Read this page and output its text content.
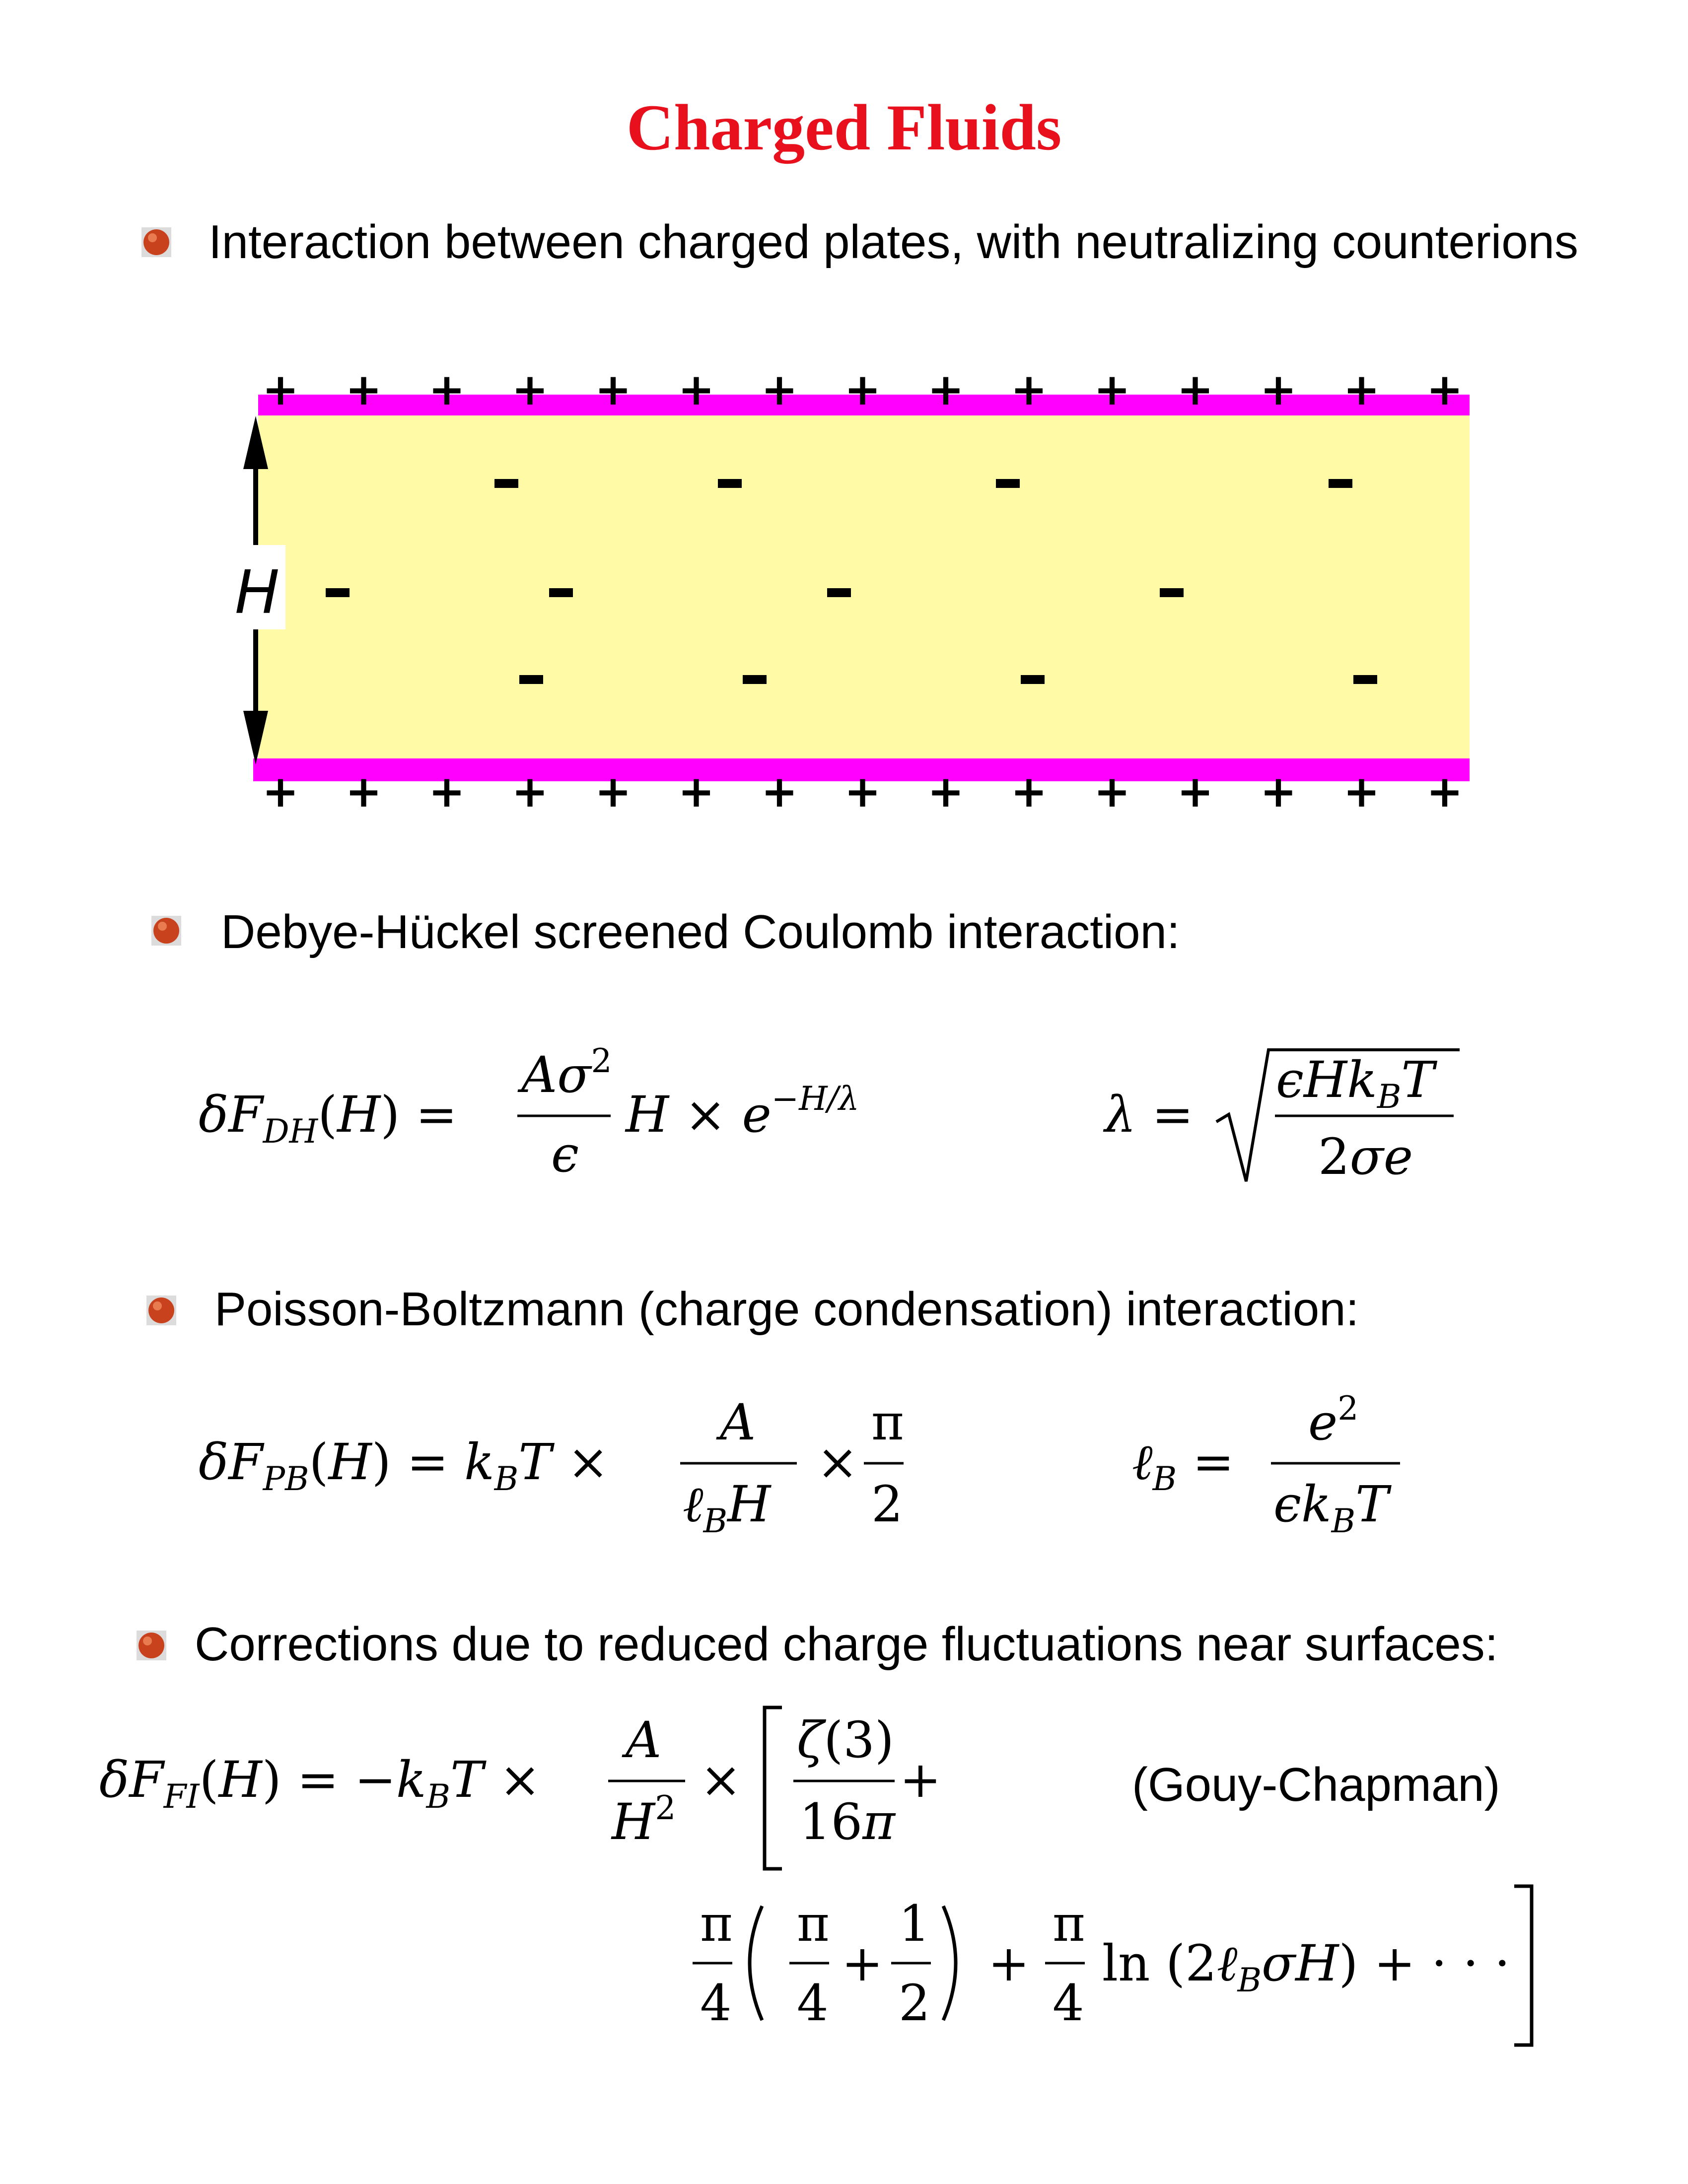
Charged Fluids
Interaction between charged plates, with neutralizing counterions
+ + + + + + + + + + + + + + +
+ + + + + + + + + + + + + + +
H
Debye-Hückel screened Coulomb interaction:
$\delta F_{DH}(H)$ =
$A\sigma^2$
ϵ
$H \times e^{-H/\lambda}$	λ =
ϵHk$_B$T
2σe
Poisson-Boltzmann (charge condensation) interaction:
$\delta F_{PB}(H) = k_BT$ ×
A
ℓ$_B$H
×
π
2
ℓ$_B$ =
$e^2$
$\epsilon k_BT$
Corrections due to reduced charge fluctuations near surfaces:
$\delta F_{FI}(H) = -k_BT$ ×
A
$H^2$ ×
ζ(3)
16π
+	(Gouy-Chapman)
π
4
π
4
+
1
2
+
π
4
ln (2ℓ$_B$σH) + · · ·
